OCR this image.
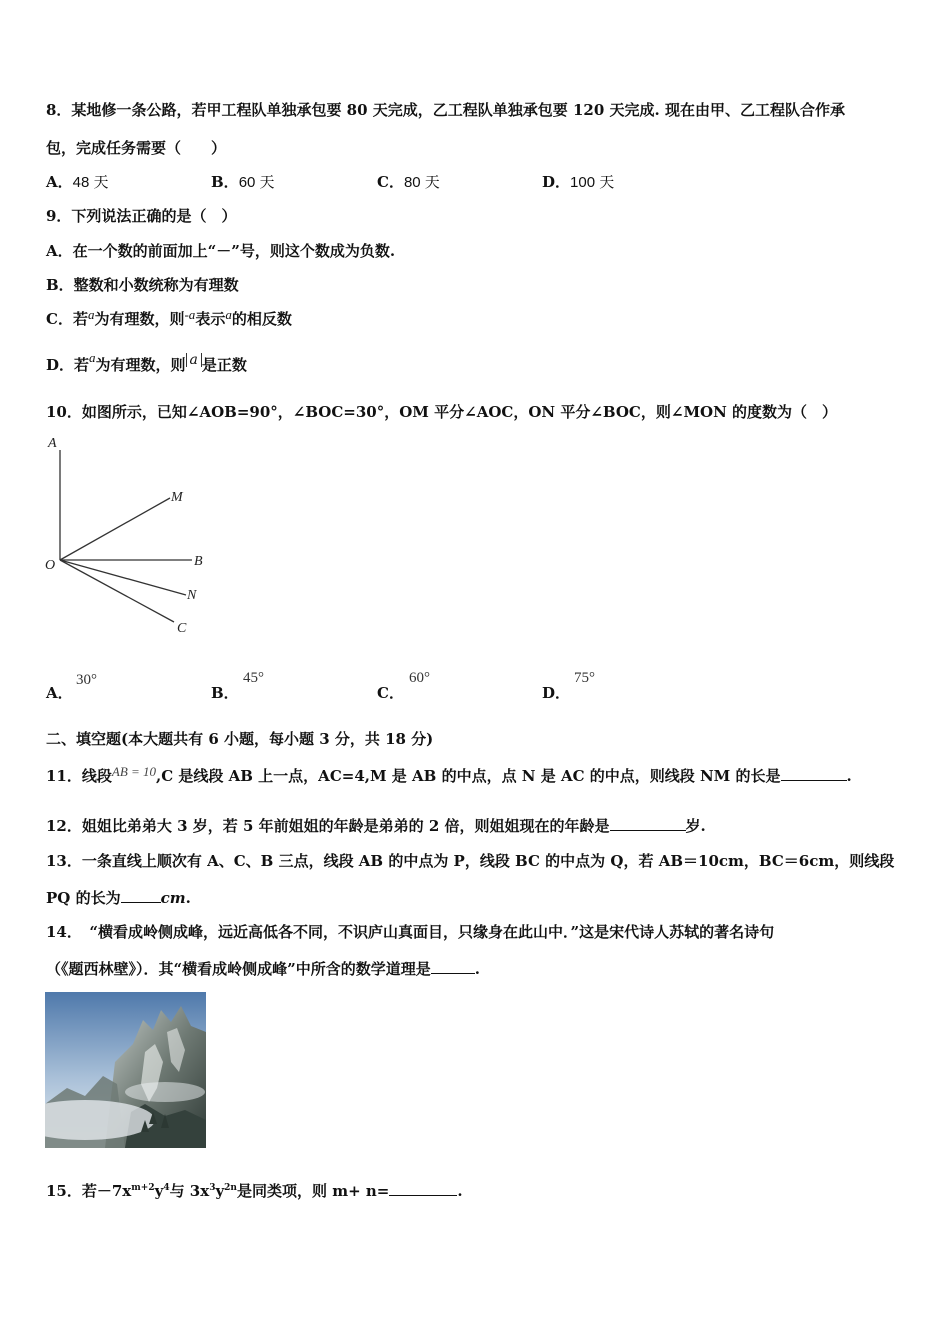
8．某地修一条公路，若甲工程队单独承包要 80 天完成，乙工程队单独承包要 120 天完成. 现在由甲、乙工程队合作承
包，完成任务需要（　　）
A．48 天	B．60 天	C．80 天	D．100 天
9．下列说法正确的是（　）
A．在一个数的前面加上“－”号，则这个数成为负数.
B．整数和小数统称为有理数
C．若a为有理数，则-a表示a的相反数
D．若a为有理数，则 a 是正数
10．如图所示，已知∠AOB=90°，∠BOC=30°，OM 平分∠AOC，ON 平分∠BOC，则∠MON 的度数为（　）
A
M
O	B
N
C
A．
30°
B．
45°
C．
60°
D．
75°
二、填空题(本大题共有 6 小题，每小题 3 分，共 18 分)
11．线段AB = 10,C 是线段 AB 上一点，AC=4,M 是 AB 的中点，点 N 是 AC 的中点，则线段 NM 的长是	.
12．姐姐比弟弟大 3 岁，若 5 年前姐姐的年龄是弟弟的 2 倍，则姐姐现在的年龄是	岁.
13．一条直线上顺次有 A、C、B 三点，线段 AB 的中点为 P，线段 BC 的中点为 Q，若 AB＝10cm，BC＝6cm，则线段
PQ 的长为	cm.
14．　“横看成岭侧成峰，远近高低各不同，不识庐山真面目，只缘身在此山中．”这是宋代诗人苏轼的著名诗句
（《题西林壁》）．其“横看成岭侧成峰”中所含的数学道理是	.
15．若$-7x^{m+2}y^4$与 $3x^3y^{2n}$是同类项，则 m+ n=	.
